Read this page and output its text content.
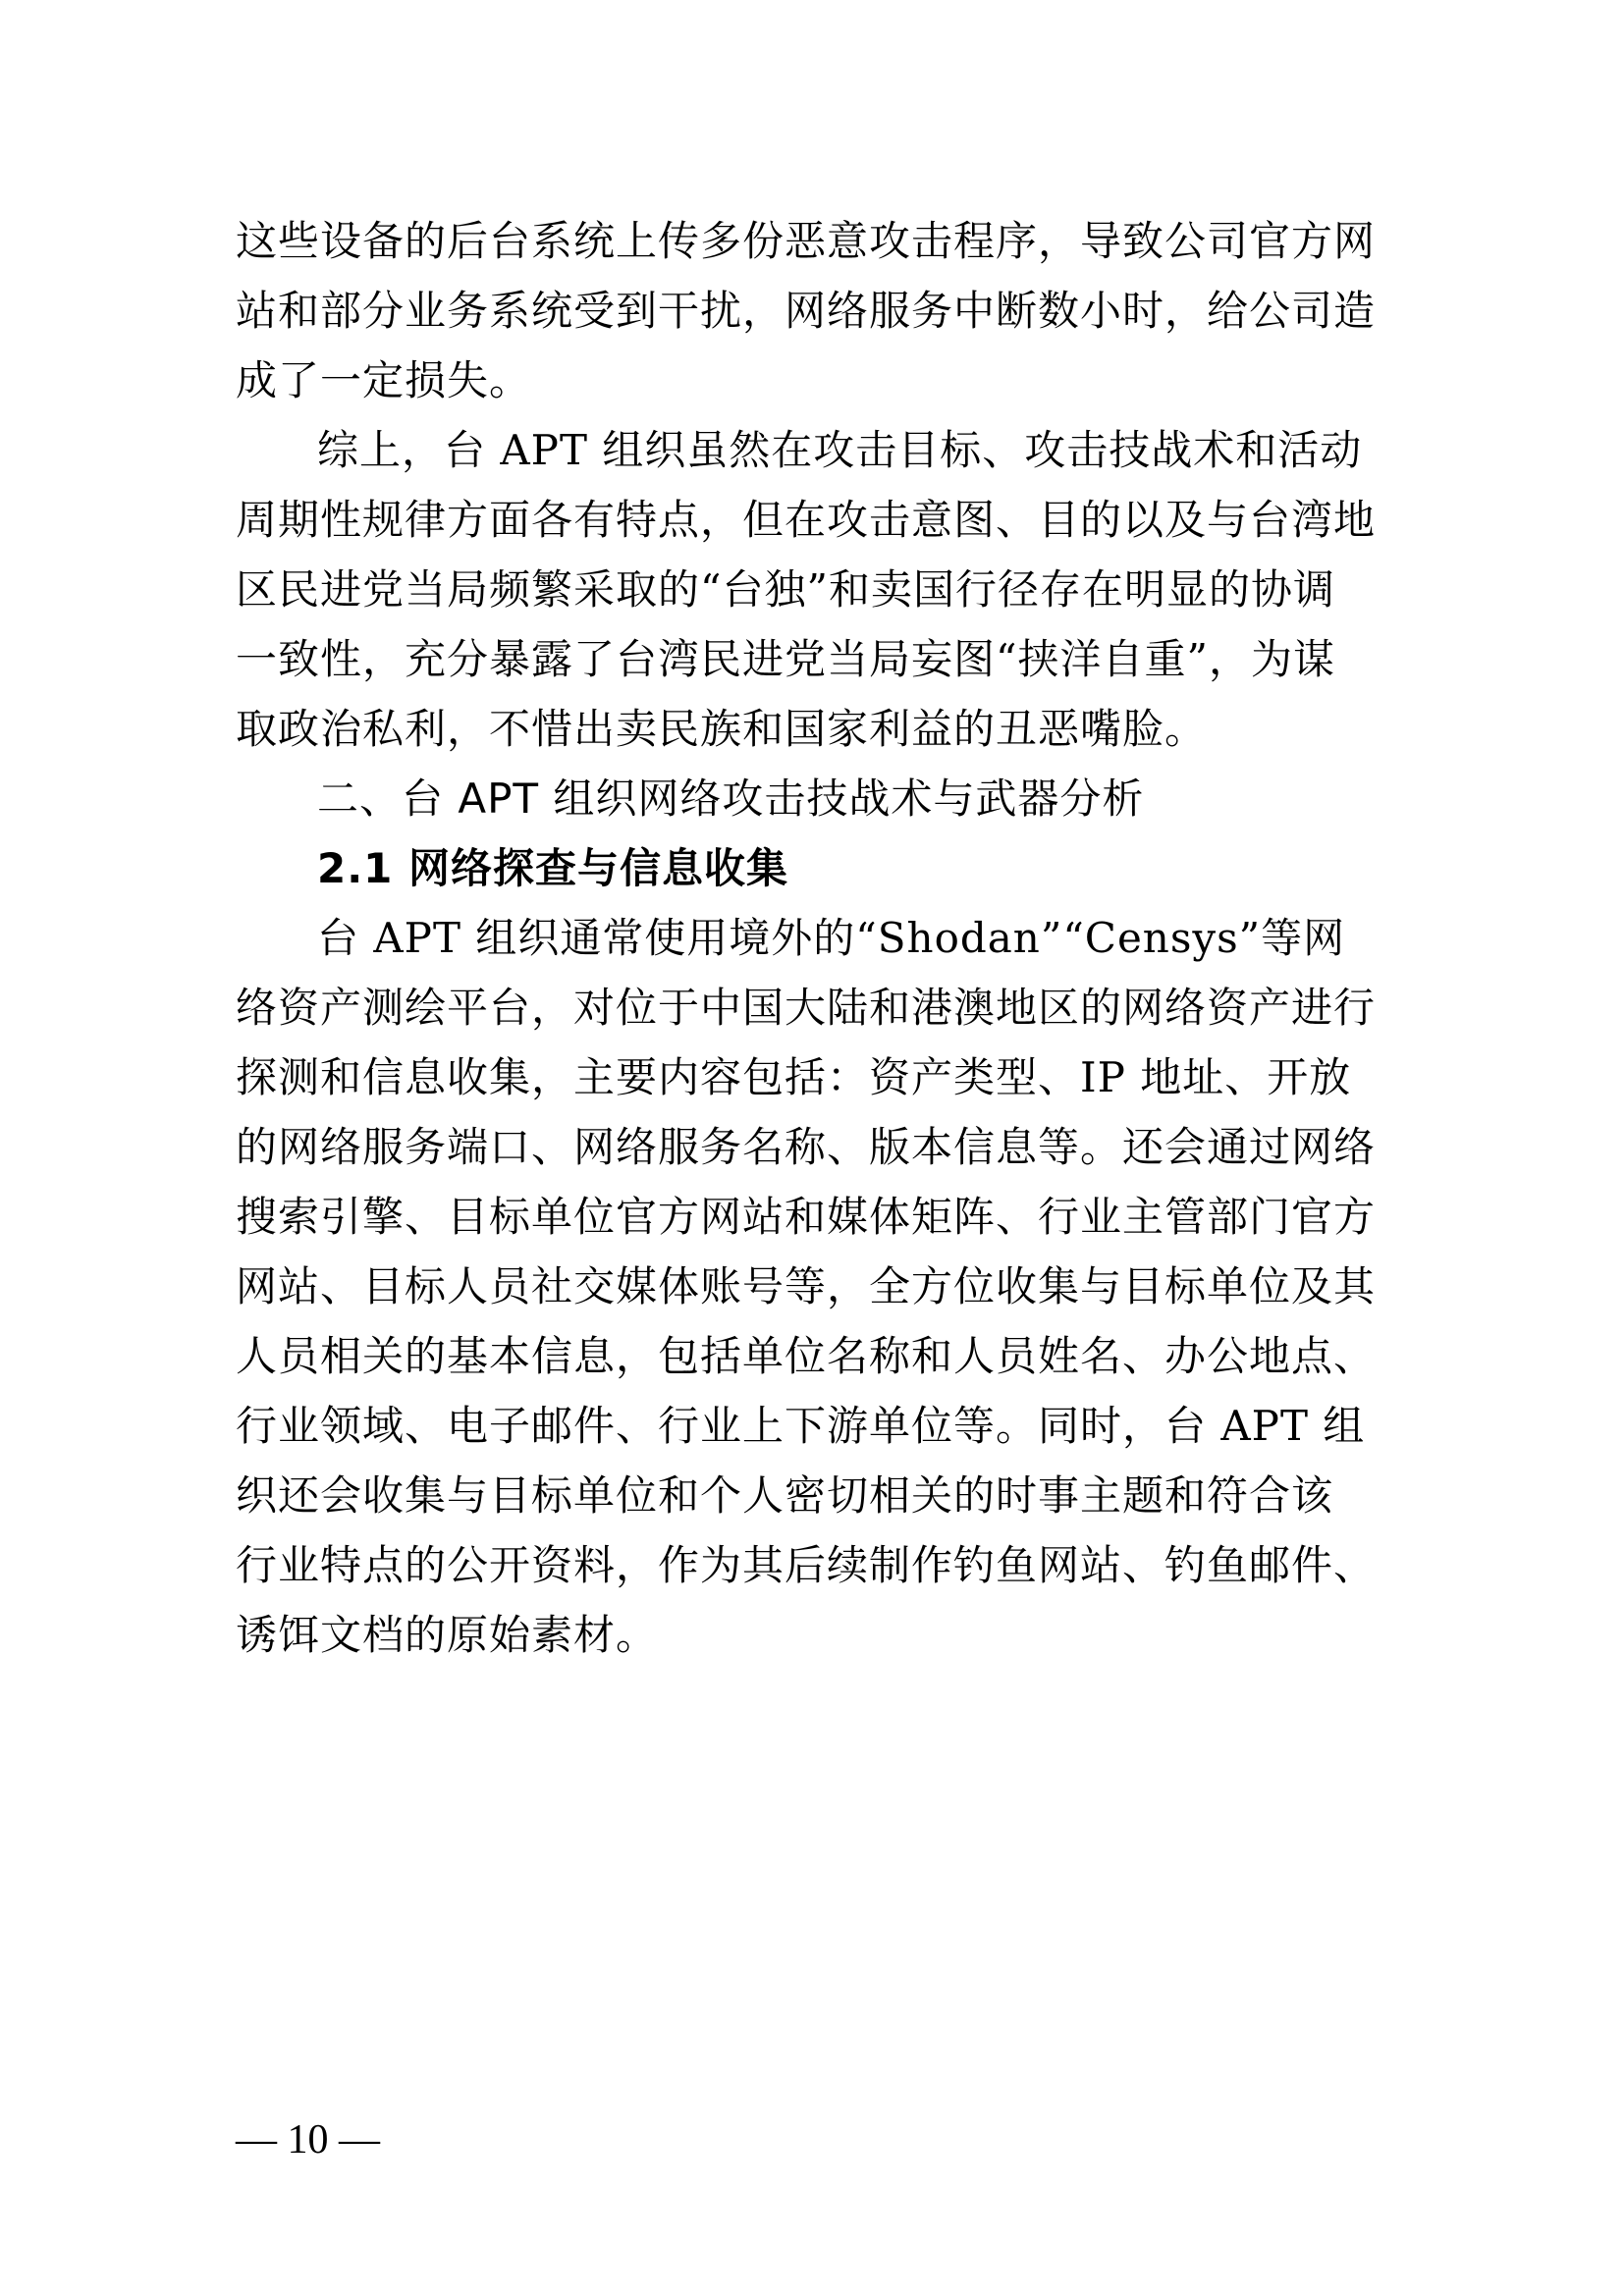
这些设备的后台系统上传多份恶意攻击程序，导致公司官方网
站和部分业务系统受到干扰，网络服务中断数小时，给公司造
成了一定损失。
综上，台 APT 组织虽然在攻击目标、攻击技战术和活动
周期性规律方面各有特点，但在攻击意图、目的以及与台湾地
区民进党当局频繁采取的“台独”和卖国行径存在明显的协调
一致性，充分暴露了台湾民进党当局妄图“挟洋自重”，为谋
取政治私利，不惜出卖民族和国家利益的丑恶嘴脸。
二、台 APT 组织网络攻击技战术与武器分析
2.1 网络探查与信息收集
台 APT 组织通常使用境外的“Shodan”“Censys”等网
络资产测绘平台，对位于中国大陆和港澳地区的网络资产进行
探测和信息收集，主要内容包括：资产类型、IP 地址、开放
的网络服务端口、网络服务名称、版本信息等。还会通过网络
搜索引擎、目标单位官方网站和媒体矩阵、行业主管部门官方
网站、目标人员社交媒体账号等，全方位收集与目标单位及其
人员相关的基本信息，包括单位名称和人员姓名、办公地点、
行业领域、电子邮件、行业上下游单位等。同时，台 APT 组
织还会收集与目标单位和个人密切相关的时事主题和符合该
行业特点的公开资料，作为其后续制作钓鱼网站、钓鱼邮件、
诱饵文档的原始素材。
— 10 —
